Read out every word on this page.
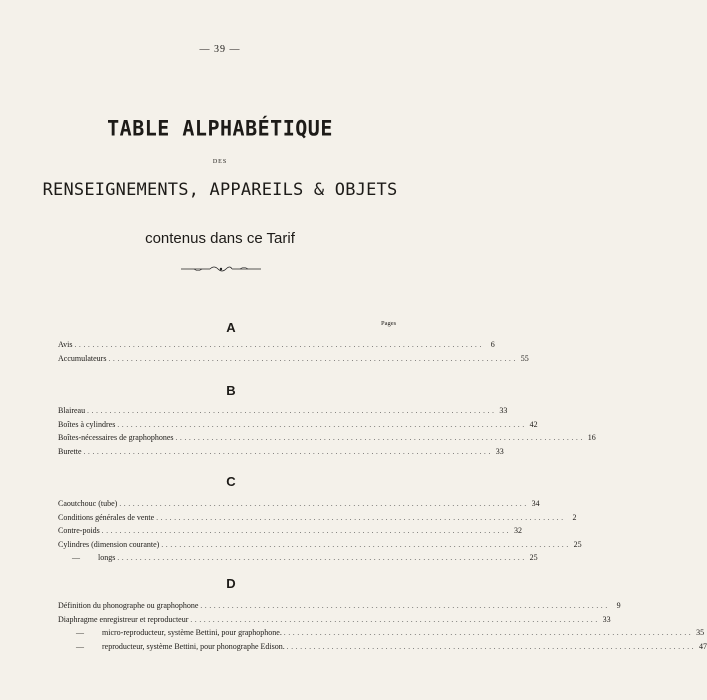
— 39 —
TABLE ALPHABÉTIQUE
DES
RENSEIGNEMENTS, APPAREILS & OBJETS
contenus dans ce Tarif
Pages
A
Avis . . . . . . . . . . . . . . . . . . . . . . . . . . . . . . . . . . . . . . . . . . . . . . . . . . . . . . . . . . . . . . . . . . . . . . . . . . . . . . . . . . . . . . . . . . .	6
Accumulateurs . . . . . . . . . . . . . . . . . . . . . . . . . . . . . . . . . . . . . . . . . . . . . . . . . . . . . . . . . . . . . . . . . . . . . . . . . . . . . . . . . . . . . . . . . . . 55
B
Blaireau . . . . . . . . . . . . . . . . . . . . . . . . . . . . . . . . . . . . . . . . . . . . . . . . . . . . . . . . . . . . . . . . . . . . . . . . . . . . . . . . . . . . . . . . . . . 33
Boîtes à cylindres . . . . . . . . . . . . . . . . . . . . . . . . . . . . . . . . . . . . . . . . . . . . . . . . . . . . . . . . . . . . . . . . . . . . . . . . . . . . . . . . . . . . . . . . . . . 42
Boîtes-nécessaires de graphophones . . . . . . . . . . . . . . . . . . . . . . . . . . . . . . . . . . . . . . . . . . . . . . . . . . . . . . . . . . . . . . . . . . . . . . . . . . . . . . . . . . . . . . . . . . . 16
Burette . . . . . . . . . . . . . . . . . . . . . . . . . . . . . . . . . . . . . . . . . . . . . . . . . . . . . . . . . . . . . . . . . . . . . . . . . . . . . . . . . . . . . . . . . . . 33
C
Caoutchouc (tube) . . . . . . . . . . . . . . . . . . . . . . . . . . . . . . . . . . . . . . . . . . . . . . . . . . . . . . . . . . . . . . . . . . . . . . . . . . . . . . . . . . . . . . . . . . . 34
Conditions générales de vente . . . . . . . . . . . . . . . . . . . . . . . . . . . . . . . . . . . . . . . . . . . . . . . . . . . . . . . . . . . . . . . . . . . . . . . . . . . . . . . . . . . . . . . . . . .	2
Contre-poids . . . . . . . . . . . . . . . . . . . . . . . . . . . . . . . . . . . . . . . . . . . . . . . . . . . . . . . . . . . . . . . . . . . . . . . . . . . . . . . . . . . . . . . . . . . 32
Cylindres (dimension courante) . . . . . . . . . . . . . . . . . . . . . . . . . . . . . . . . . . . . . . . . . . . . . . . . . . . . . . . . . . . . . . . . . . . . . . . . . . . . . . . . . . . . . . . . . . . 25
— longs . . . . . . . . . . . . . . . . . . . . . . . . . . . . . . . . . . . . . . . . . . . . . . . . . . . . . . . . . . . . . . . . . . . . . . . . . . . . . . . . . . . . . . . . . . . 25
D
Définition du phonographe ou graphophone . . . . . . . . . . . . . . . . . . . . . . . . . . . . . . . . . . . . . . . . . . . . . . . . . . . . . . . . . . . . . . . . . . . . . . . . . . . . . . . . . . . . . . . . . . .	9
Diaphragme enregistreur et reproducteur . . . . . . . . . . . . . . . . . . . . . . . . . . . . . . . . . . . . . . . . . . . . . . . . . . . . . . . . . . . . . . . . . . . . . . . . . . . . . . . . . . . . . . . . . . . 33
— micro-reproducteur, système Bettini, pour graphophone. . . . . . . . . . . . . . . . . . . . . . . . . . . . . . . . . . . . . . . . . . . . . . . . . . . . . . . . . . . . . . . . . . . . . . . . . . . . . . . . . . . . . . . . . . . . 35
— reproducteur, système Bettini, pour phonographe Edison. . . . . . . . . . . . . . . . . . . . . . . . . . . . . . . . . . . . . . . . . . . . . . . . . . . . . . . . . . . . . . . . . . . . . . . . . . . . . . . . . . . . . . . . . . . . 47
